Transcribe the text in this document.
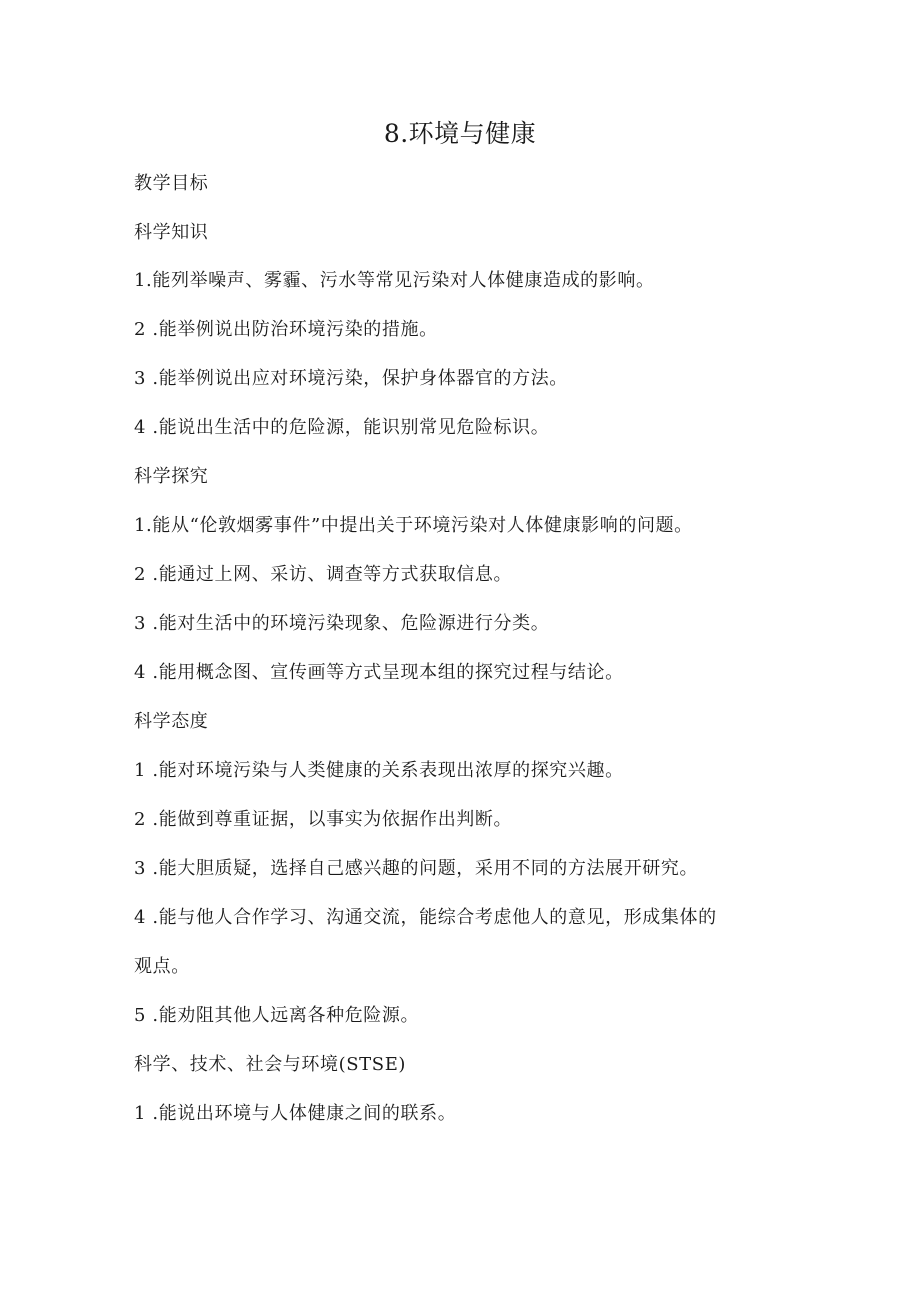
8.环境与健康
教学目标
科学知识
1.能列举噪声、雾霾、污水等常见污染对人体健康造成的影响。
2 .能举例说出防治环境污染的措施。
3 .能举例说出应对环境污染，保护身体器官的方法。
4 .能说出生活中的危险源，能识别常见危险标识。
科学探究
1.能从“伦敦烟雾事件”中提出关于环境污染对人体健康影响的问题。
2 .能通过上网、采访、调查等方式获取信息。
3 .能对生活中的环境污染现象、危险源进行分类。
4 .能用概念图、宣传画等方式呈现本组的探究过程与结论。
科学态度
1 .能对环境污染与人类健康的关系表现出浓厚的探究兴趣。
2 .能做到尊重证据，以事实为依据作出判断。
3 .能大胆质疑，选择自己感兴趣的问题，采用不同的方法展开研究。
4 .能与他人合作学习、沟通交流，能综合考虑他人的意见，形成集体的
观点。
5 .能劝阻其他人远离各种危险源。
科学、技术、社会与环境(STSE)
1 .能说出环境与人体健康之间的联系。
